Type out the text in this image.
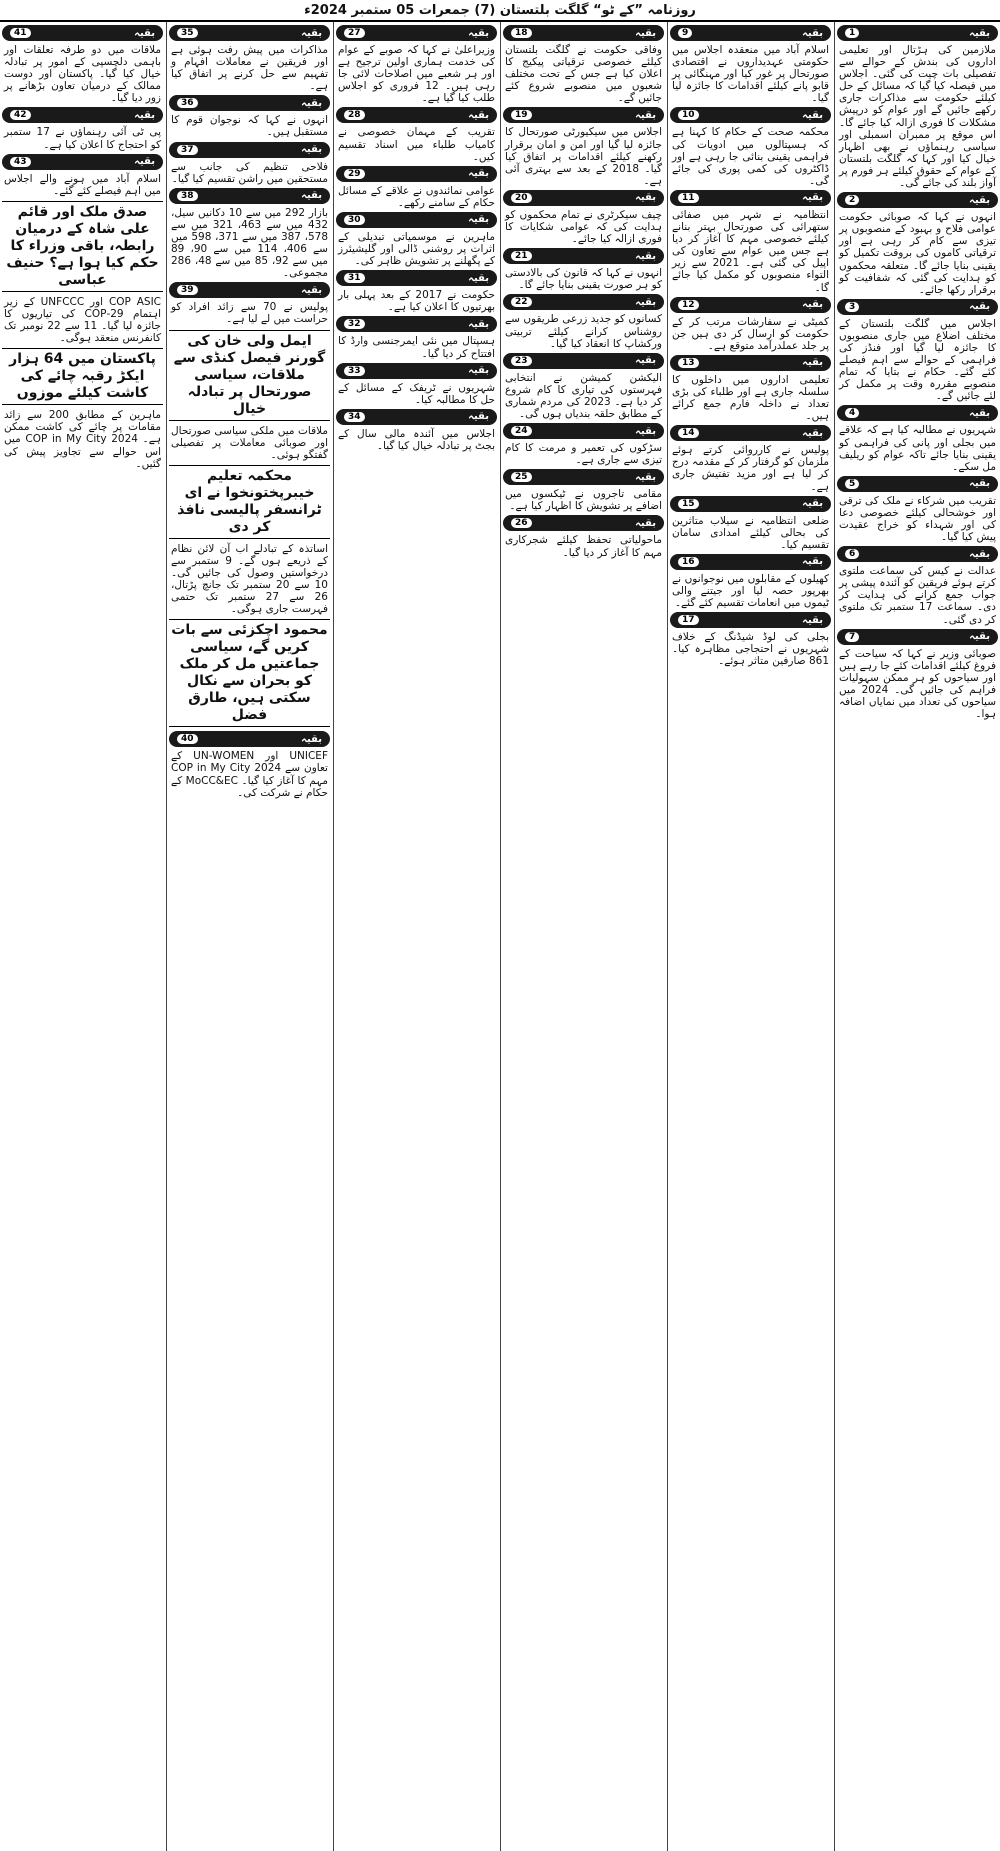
روزنامہ ”کے ٹو“ گلگت بلتستان (7) جمعرات 05 ستمبر 2024ء
بقیہ
1
ملازمین کی ہڑتال اور تعلیمی اداروں کی بندش کے حوالے سے تفصیلی بات چیت کی گئی۔ اجلاس میں فیصلہ کیا گیا کہ مسائل کے حل کیلئے حکومت سے مذاکرات جاری رکھے جائیں گے اور عوام کو درپیش مشکلات کا فوری ازالہ کیا جائے گا۔ اس موقع پر ممبران اسمبلی اور سیاسی رہنماؤں نے بھی اظہار خیال کیا اور کہا کہ گلگت بلتستان کے عوام کے حقوق کیلئے ہر فورم پر آواز بلند کی جائے گی۔
بقیہ
2
انہوں نے کہا کہ صوبائی حکومت عوامی فلاح و بہبود کے منصوبوں پر تیزی سے کام کر رہی ہے اور ترقیاتی کاموں کی بروقت تکمیل کو یقینی بنایا جائے گا۔ متعلقہ محکموں کو ہدایت کی گئی کہ شفافیت کو برقرار رکھا جائے۔
بقیہ
3
اجلاس میں گلگت بلتستان کے مختلف اضلاع میں جاری منصوبوں کا جائزہ لیا گیا اور فنڈز کی فراہمی کے حوالے سے اہم فیصلے کئے گئے۔ حکام نے بتایا کہ تمام منصوبے مقررہ وقت پر مکمل کر لئے جائیں گے۔
بقیہ
4
شہریوں نے مطالبہ کیا ہے کہ علاقے میں بجلی اور پانی کی فراہمی کو یقینی بنایا جائے تاکہ عوام کو ریلیف مل سکے۔
بقیہ
5
تقریب میں شرکاء نے ملک کی ترقی اور خوشحالی کیلئے خصوصی دعا کی اور شہداء کو خراج عقیدت پیش کیا گیا۔
بقیہ
6
عدالت نے کیس کی سماعت ملتوی کرتے ہوئے فریقین کو آئندہ پیشی پر جواب جمع کرانے کی ہدایت کر دی۔ سماعت 17 ستمبر تک ملتوی کر دی گئی۔
بقیہ
7
صوبائی وزیر نے کہا کہ سیاحت کے فروغ کیلئے اقدامات کئے جا رہے ہیں اور سیاحوں کو ہر ممکن سہولیات فراہم کی جائیں گی۔ 2024 میں سیاحوں کی تعداد میں نمایاں اضافہ ہوا۔
بقیہ
9
اسلام آباد میں منعقدہ اجلاس میں حکومتی عہدیداروں نے اقتصادی صورتحال پر غور کیا اور مہنگائی پر قابو پانے کیلئے اقدامات کا جائزہ لیا گیا۔
بقیہ
10
محکمہ صحت کے حکام کا کہنا ہے کہ ہسپتالوں میں ادویات کی فراہمی یقینی بنائی جا رہی ہے اور ڈاکٹروں کی کمی پوری کی جائے گی۔
بقیہ
11
انتظامیہ نے شہر میں صفائی ستھرائی کی صورتحال بہتر بنانے کیلئے خصوصی مہم کا آغاز کر دیا ہے جس میں عوام سے تعاون کی اپیل کی گئی ہے۔ 2021 سے زیر التواء منصوبوں کو مکمل کیا جائے گا۔
بقیہ
12
کمیٹی نے سفارشات مرتب کر کے حکومت کو ارسال کر دی ہیں جن پر جلد عملدرآمد متوقع ہے۔
بقیہ
13
تعلیمی اداروں میں داخلوں کا سلسلہ جاری ہے اور طلباء کی بڑی تعداد نے داخلہ فارم جمع کرائے ہیں۔
بقیہ
14
پولیس نے کارروائی کرتے ہوئے ملزمان کو گرفتار کر کے مقدمہ درج کر لیا ہے اور مزید تفتیش جاری ہے۔
بقیہ
15
ضلعی انتظامیہ نے سیلاب متاثرین کی بحالی کیلئے امدادی سامان تقسیم کیا۔
بقیہ
16
کھیلوں کے مقابلوں میں نوجوانوں نے بھرپور حصہ لیا اور جیتنے والی ٹیموں میں انعامات تقسیم کئے گئے۔
بقیہ
17
بجلی کی لوڈ شیڈنگ کے خلاف شہریوں نے احتجاجی مظاہرہ کیا۔ 861 صارفین متاثر ہوئے۔
بقیہ
18
وفاقی حکومت نے گلگت بلتستان کیلئے خصوصی ترقیاتی پیکیج کا اعلان کیا ہے جس کے تحت مختلف شعبوں میں منصوبے شروع کئے جائیں گے۔
بقیہ
19
اجلاس میں سیکیورٹی صورتحال کا جائزہ لیا گیا اور امن و امان برقرار رکھنے کیلئے اقدامات پر اتفاق کیا گیا۔ 2018 کے بعد سے بہتری آئی ہے۔
بقیہ
20
چیف سیکرٹری نے تمام محکموں کو ہدایت کی کہ عوامی شکایات کا فوری ازالہ کیا جائے۔
بقیہ
21
انہوں نے کہا کہ قانون کی بالادستی کو ہر صورت یقینی بنایا جائے گا۔
بقیہ
22
کسانوں کو جدید زرعی طریقوں سے روشناس کرانے کیلئے تربیتی ورکشاپ کا انعقاد کیا گیا۔
بقیہ
23
الیکشن کمیشن نے انتخابی فہرستوں کی تیاری کا کام شروع کر دیا ہے۔ 2023 کی مردم شماری کے مطابق حلقہ بندیاں ہوں گی۔
بقیہ
24
سڑکوں کی تعمیر و مرمت کا کام تیزی سے جاری ہے۔
بقیہ
25
مقامی تاجروں نے ٹیکسوں میں اضافے پر تشویش کا اظہار کیا ہے۔
بقیہ
26
ماحولیاتی تحفظ کیلئے شجرکاری مہم کا آغاز کر دیا گیا۔
بقیہ
27
وزیراعلیٰ نے کہا کہ صوبے کے عوام کی خدمت ہماری اولین ترجیح ہے اور ہر شعبے میں اصلاحات لائی جا رہی ہیں۔ 12 فروری کو اجلاس طلب کیا گیا ہے۔
بقیہ
28
تقریب کے مہمان خصوصی نے کامیاب طلباء میں اسناد تقسیم کیں۔
بقیہ
29
عوامی نمائندوں نے علاقے کے مسائل حکام کے سامنے رکھے۔
بقیہ
30
ماہرین نے موسمیاتی تبدیلی کے اثرات پر روشنی ڈالی اور گلیشیئرز کے پگھلنے پر تشویش ظاہر کی۔
بقیہ
31
حکومت نے 2017 کے بعد پہلی بار بھرتیوں کا اعلان کیا ہے۔
بقیہ
32
ہسپتال میں نئی ایمرجنسی وارڈ کا افتتاح کر دیا گیا۔
بقیہ
33
شہریوں نے ٹریفک کے مسائل کے حل کا مطالبہ کیا۔
بقیہ
34
اجلاس میں آئندہ مالی سال کے بجٹ پر تبادلہ خیال کیا گیا۔
بقیہ
35
مذاکرات میں پیش رفت ہوئی ہے اور فریقین نے معاملات افہام و تفہیم سے حل کرنے پر اتفاق کیا ہے۔
بقیہ
36
انہوں نے کہا کہ نوجوان قوم کا مستقبل ہیں۔
بقیہ
37
فلاحی تنظیم کی جانب سے مستحقین میں راشن تقسیم کیا گیا۔
بقیہ
38
بازار 292 میں سے 10 دکانیں سیل، 432 میں سے 463، 321 میں سے 578، 387 میں سے 371، 598 میں سے 406، 114 میں سے 90، 89 میں سے 92، 85 میں سے 48، 286 مجموعی۔
بقیہ
39
پولیس نے 70 سے زائد افراد کو حراست میں لے لیا ہے۔
ایمل ولی خان کی گورنر فیصل کنڈی سے ملاقات، سیاسی صورتحال پر تبادلہ خیال
ملاقات میں ملکی سیاسی صورتحال اور صوبائی معاملات پر تفصیلی گفتگو ہوئی۔
محکمہ تعلیم خیبرپختونخوا نے ای ٹرانسفر پالیسی نافذ کر دی
اساتذہ کے تبادلے اب آن لائن نظام کے ذریعے ہوں گے۔ 9 ستمبر سے درخواستیں وصول کی جائیں گی۔ 10 سے 20 ستمبر تک جانچ پڑتال، 26 سے 27 ستمبر تک حتمی فہرست جاری ہوگی۔
محمود اچکزئی سے بات کریں گے، سیاسی جماعتیں مل کر ملک کو بحران سے نکال سکتی ہیں، طارق فضل
بقیہ
40
UNICEF اور UN-WOMEN کے تعاون سے COP in My City 2024 مہم کا آغاز کیا گیا۔ MoCC&EC کے حکام نے شرکت کی۔
بقیہ
41
ملاقات میں دو طرفہ تعلقات اور باہمی دلچسپی کے امور پر تبادلہ خیال کیا گیا۔ پاکستان اور دوست ممالک کے درمیان تعاون بڑھانے پر زور دیا گیا۔
بقیہ
42
پی ٹی آئی رہنماؤں نے 17 ستمبر کو احتجاج کا اعلان کیا ہے۔
بقیہ
43
اسلام آباد میں ہونے والے اجلاس میں اہم فیصلے کئے گئے۔
صدق ملک اور قائم علی شاہ کے درمیان رابطہ، باقی وزراء کا حکم کیا ہوا ہے؟ حنیف عباسی
COP ASIC اور UNFCCC کے زیر اہتمام 29-COP کی تیاریوں کا جائزہ لیا گیا۔ 11 سے 22 نومبر تک کانفرنس منعقد ہوگی۔
پاکستان میں 64 ہزار ایکڑ رقبہ چائے کی کاشت کیلئے موزوں
ماہرین کے مطابق 200 سے زائد مقامات پر چائے کی کاشت ممکن ہے۔ COP in My City 2024 میں اس حوالے سے تجاویز پیش کی گئیں۔
